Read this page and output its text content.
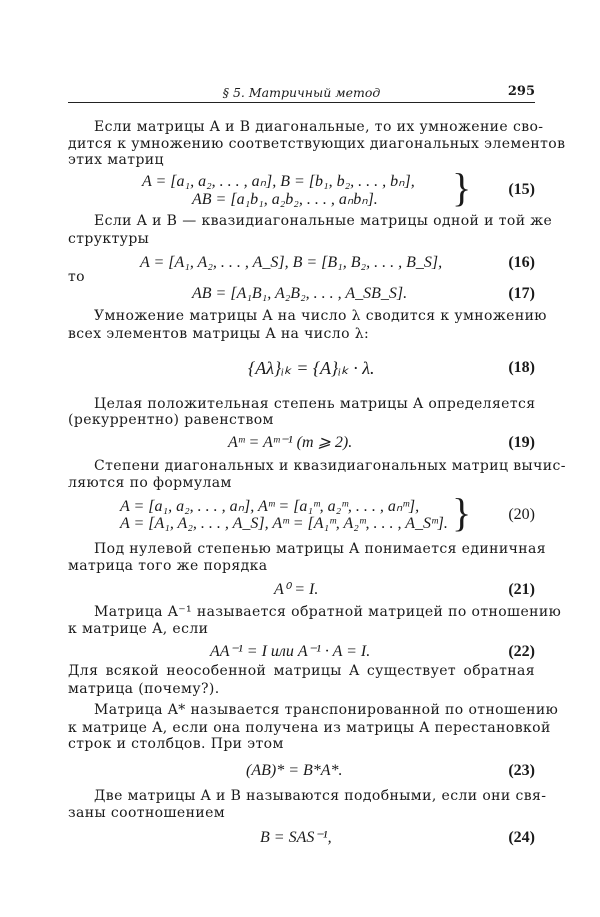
§ 5. Матричный метод	295
Если матрицы A и B диагональные, то их умножение сво-
дится к умножению соответствующих диагональных элементов
этих матриц
A = [a₁, a₂, . . . , aₙ], B = [b₁, b₂, . . . , bₙ],
AB = [a₁b₁, a₂b₂, . . . , aₙbₙ]. } (15)
Если A и B — квазидиагональные матрицы одной и той же
структуры
A = [A₁, A₂, . . . , A_S], B = [B₁, B₂, . . . , B_S],	(16)
то
AB = [A₁B₁, A₂B₂, . . . , A_SB_S].	(17)
Умножение матрицы A на число λ сводится к умножению
всех элементов матрицы A на число λ:
{Aλ}ᵢₖ = {A}ᵢₖ · λ.	(18)
Целая положительная степень матрицы A определяется
(рекуррентно) равенством
Aᵐ = Aᵐ⁻¹ (m ⩾ 2).	(19)
Степени диагональных и квазидиагональных матриц вычис-
ляются по формулам
A = [a₁, a₂, . . . , aₙ], Aᵐ = [a₁ᵐ, a₂ᵐ, . . . , aₙᵐ],
A = [A₁, A₂, . . . , A_S], Aᵐ = [A₁ᵐ, A₂ᵐ, . . . , A_Sᵐ]. } (20)
Под нулевой степенью матрицы A понимается единичная
матрица того же порядка
A⁰ = I.	(21)
Матрица A⁻¹ называется обратной матрицей по отношению
к матрице A, если
AA⁻¹ = I или A⁻¹ · A = I.	(22)
Для всякой неособенной матрицы A существует обратная
матрица (почему?).
Матрица A* называется транспонированной по отношению
к матрице A, если она получена из матрицы A перестановкой
строк и столбцов. При этом
(AB)* = B*A*.	(23)
Две матрицы A и B называются подобными, если они свя-
заны соотношением
B = SAS⁻¹,	(24)
